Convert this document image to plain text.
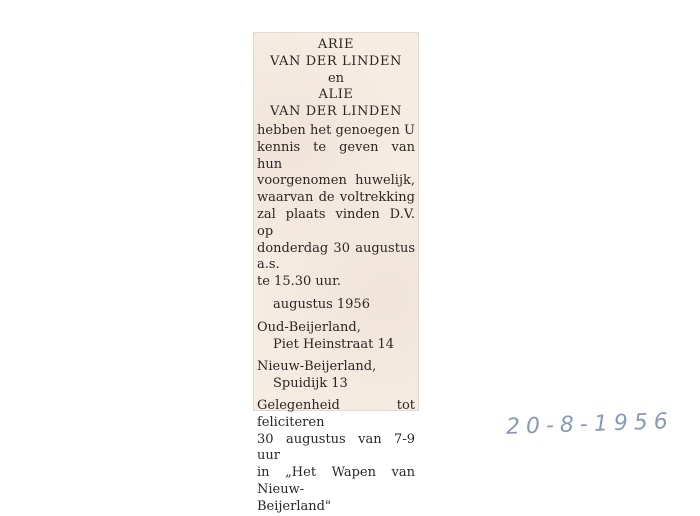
ARIE
VAN DER LINDEN
en
ALIE
VAN DER LINDEN
hebben het genoegen U
kennis te geven van hun
voorgenomen huwelijk,
waarvan de voltrekking
zal plaats vinden D.V. op
donderdag 30 augustus a.s.
te 15.30 uur.
augustus 1956
Oud-Beijerland,
Piet Heinstraat 14
Nieuw-Beijerland,
Spuidijk 13
Gelegenheid tot feliciteren
30 augustus van 7-9 uur
in „Het Wapen van Nieuw-
Beijerland"
20-8-1956
